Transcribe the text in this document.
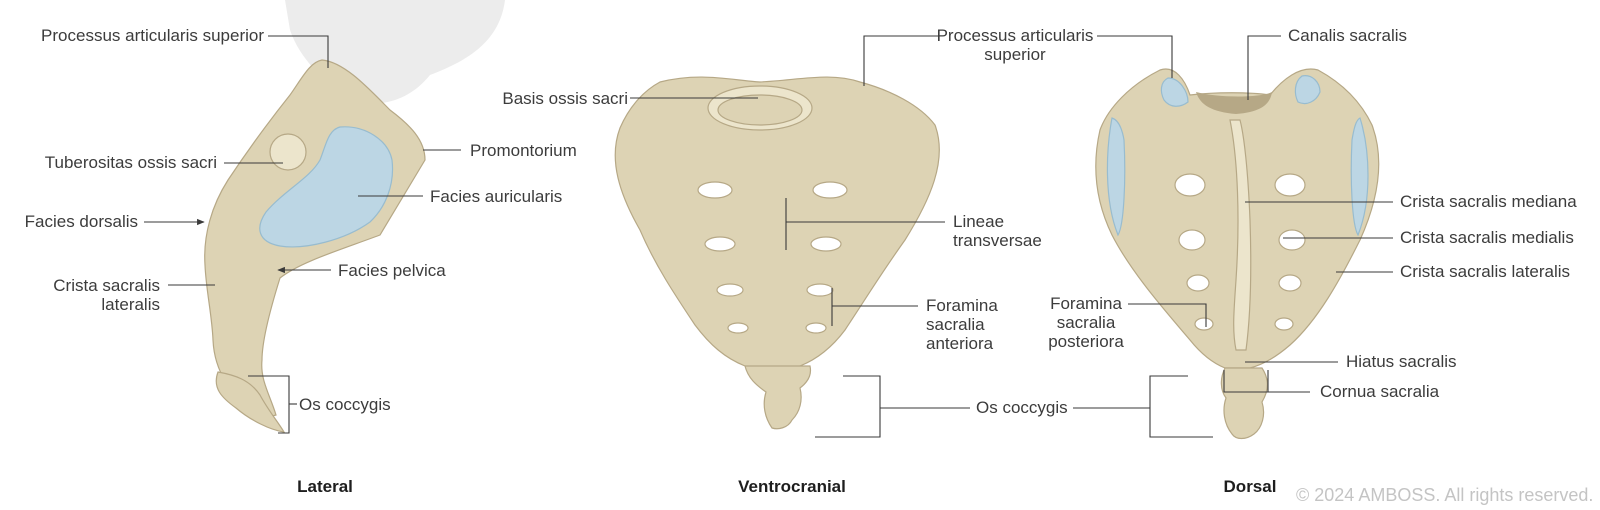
Processus articularis superior
Tuberositas ossis sacri
Facies dorsalis
Crista sacralis
lateralis
Promontorium
Facies auricularis
Facies pelvica
Os coccygis
Lateral
Processus articularis
superior
Basis ossis sacri
Lineae
transversae
Foramina
sacralia
anteriora
Os coccygis
Ventrocranial
Canalis sacralis
Crista sacralis mediana
Crista sacralis medialis
Crista sacralis lateralis
Foramina
sacralia
posteriora
Hiatus sacralis
Cornua sacralia
Dorsal	© 2024 AMBOSS. All rights reserved.
